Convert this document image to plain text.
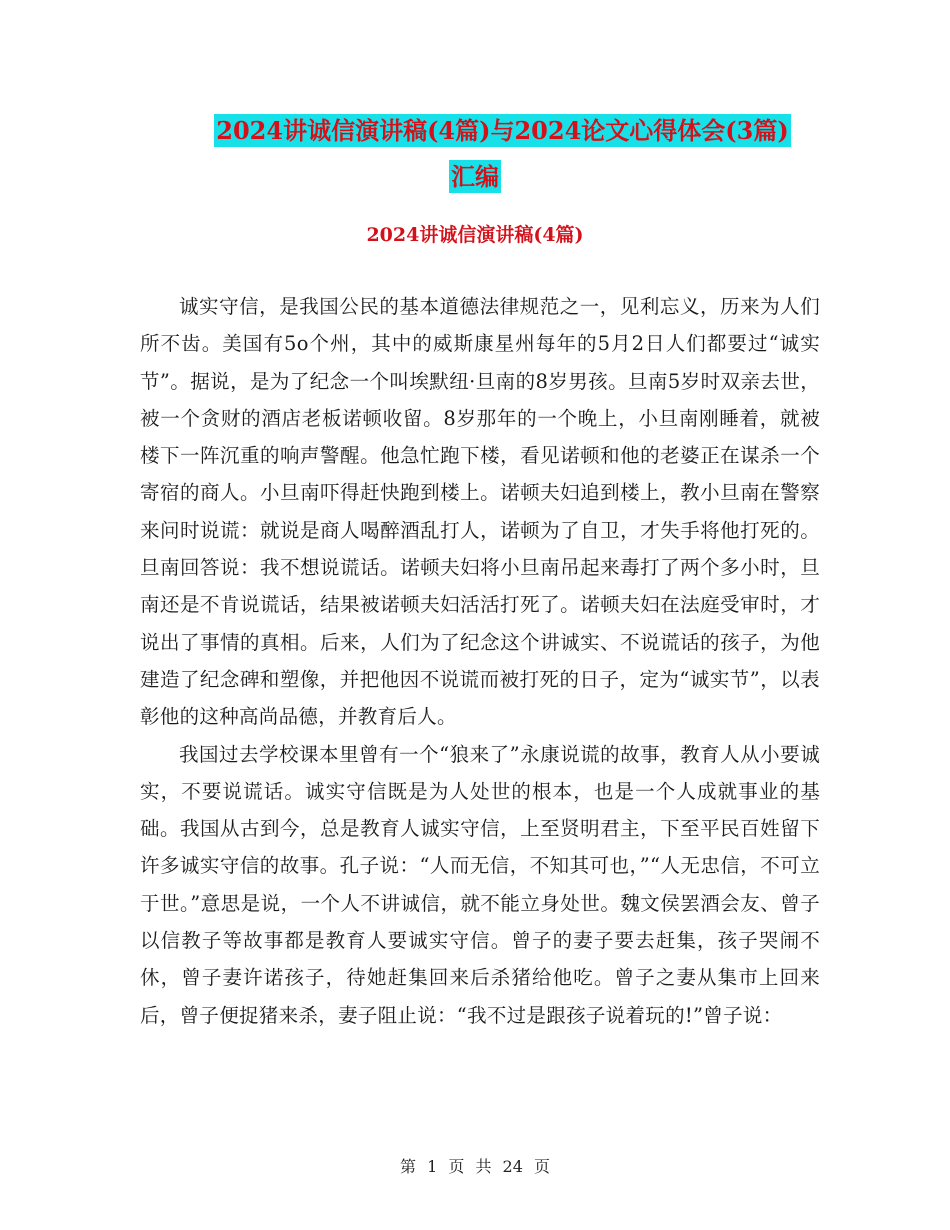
2024讲诚信演讲稿(4篇)与2024论文心得体会(3篇)
汇编
2024讲诚信演讲稿(4篇)

诚实守信，是我国公民的基本道德法律规范之一，见利忘义，历来为人们所不齿。美国有5o个州，其中的威斯康星州每年的5月2日人们都要过“诚实节”。据说，是为了纪念一个叫埃默纽·旦南的8岁男孩。旦南5岁时双亲去世，被一个贪财的酒店老板诺顿收留。8岁那年的一个晚上，小旦南刚睡着，就被楼下一阵沉重的响声警醒。他急忙跑下楼，看见诺顿和他的老婆正在谋杀一个寄宿的商人。小旦南吓得赶快跑到楼上。诺顿夫妇追到楼上，教小旦南在警察来问时说谎：就说是商人喝醉酒乱打人，诺顿为了自卫，才失手将他打死的。旦南回答说：我不想说谎话。诺顿夫妇将小旦南吊起来毒打了两个多小时，旦南还是不肯说谎话，结果被诺顿夫妇活活打死了。诺顿夫妇在法庭受审时，才说出了事情的真相。后来，人们为了纪念这个讲诚实、不说谎话的孩子，为他建造了纪念碑和塑像，并把他因不说谎而被打死的日子，定为“诚实节”，以表彰他的这种高尚品德，并教育后人。

我国过去学校课本里曾有一个“狼来了”永康说谎的故事，教育人从小要诚实，不要说谎话。诚实守信既是为人处世的根本，也是一个人成就事业的基础。我国从古到今，总是教育人诚实守信，上至贤明君主，下至平民百姓留下许多诚实守信的故事。孔子说：“人而无信，不知其可也，”“人无忠信，不可立于世。”意思是说，一个人不讲诚信，就不能立身处世。魏文侯罢酒会友、曾子以信教子等故事都是教育人要诚实守信。曾子的妻子要去赶集，孩子哭闹不休，曾子妻许诺孩子，待她赶集回来后杀猪给他吃。曾子之妻从集市上回来后，曾子便捉猪来杀，妻子阻止说：“我不过是跟孩子说着玩的!”曾子说：

第 1 页 共 24 页
